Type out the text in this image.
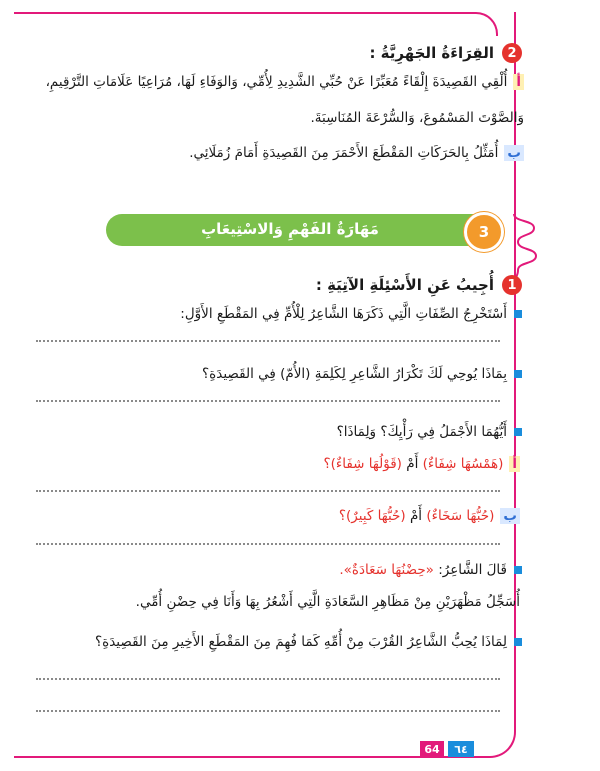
2
القِرَاءَةُ الجَهْرِيَّةُ :
أأُلْقِي القَصِيدَةَ إِلْقَاءً مُعَبِّرًا عَنْ حُبِّي الشَّدِيدِ لِأُمِّي، وَالوَفَاءِ لَهَا، مُرَاعِيًا عَلَامَاتِ التَّرْقِيمِ،
وَالصَّوْتَ المَسْمُوعَ، وَالسُّرْعَةَ المُنَاسِبَةَ.
بأُمَثِّلُ بِالحَرَكَاتِ المَقْطَعَ الأَحْمَرَ مِنَ القَصِيدَةِ أَمَامَ زُمَلَائِي.
مَهَارَةُ الفَهْمِ وَالاسْتِيعَابِ	3
1
أُجِيبُ عَنِ الأَسْئِلَةِ الآتِيَةِ :
أَسْتَخْرِجُ الصِّفَاتِ الَّتِي ذَكَرَهَا الشَّاعِرُ لِلْأُمِّ فِي المَقْطَعِ الأَوَّلِ:
بِمَاذَا يُوحِي لَكَ تَكْرَارُ الشَّاعِرِ لِكَلِمَةِ (الأُمّ) فِي القَصِيدَةِ؟
أَيُّهُمَا الأَجْمَلُ فِي رَأْيِكَ؟ وَلِمَاذَا؟
أ(هَمْسُهَا شِفَاءٌ) أَمْ (قَوْلُهَا شِفَاءٌ)؟
ب(حُبُّهَا سَخَاءٌ) أَمْ (حُبُّهَا كَبِيرٌ)؟
قَالَ الشَّاعِرُ: «حِضْنُهَا سَعَادَةٌ».
أُسَجِّلُ مَظْهَرَيْنِ مِنْ مَظَاهِرِ السَّعَادَةِ الَّتِي أَشْعُرُ بِهَا وَأَنَا فِي حِضْنِ أُمِّي.
لِمَاذَا يُحِبُّ الشَّاعِرُ القُرْبَ مِنْ أُمِّهِ كَمَا فُهِمَ مِنَ المَقْطَعِ الأَخِيرِ مِنَ القَصِيدَةِ؟
64	٦٤
